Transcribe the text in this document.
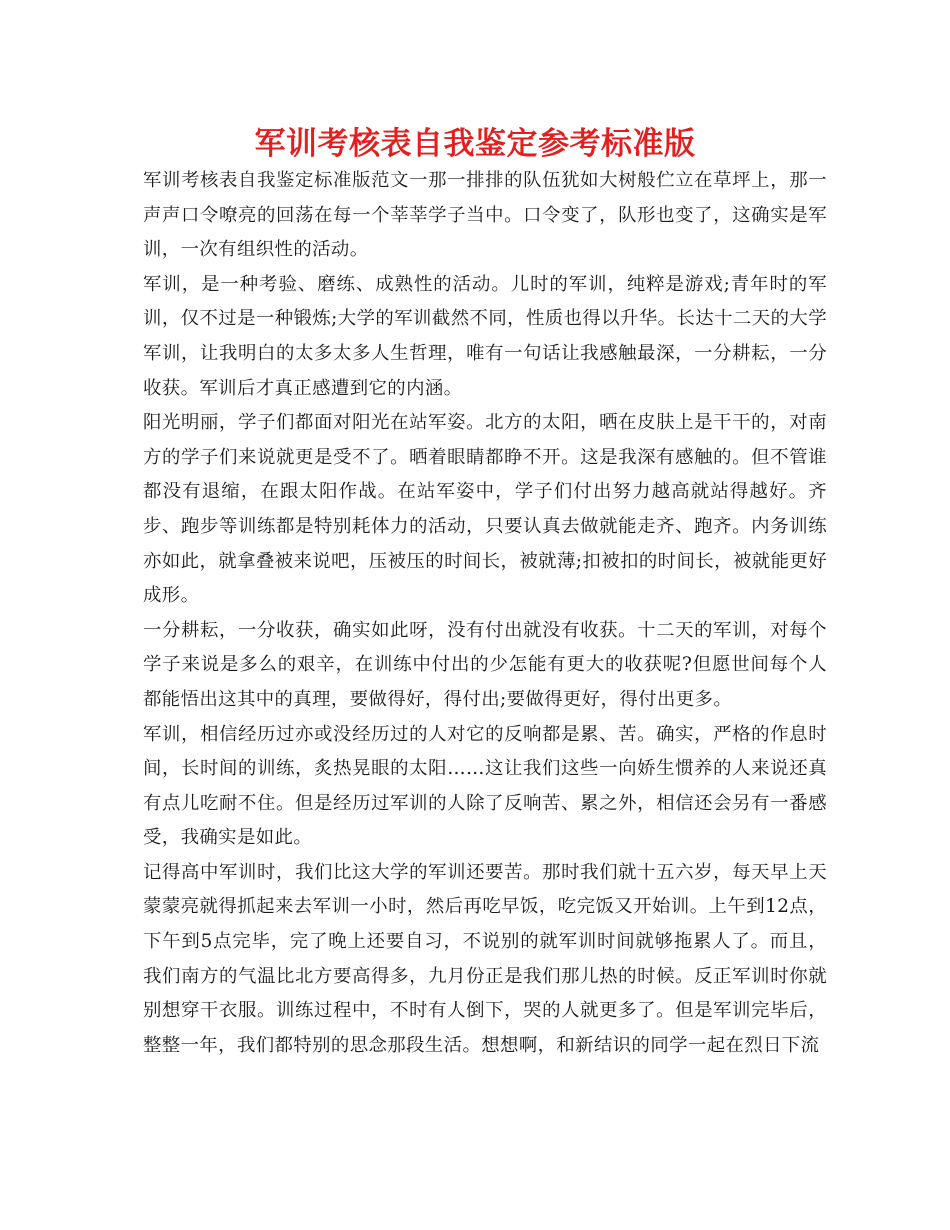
军训考核表自我鉴定参考标准版

军训考核表自我鉴定标准版范文一那一排排的队伍犹如大树般伫立在草坪上，那一声声口令嘹亮的回荡在每一个莘莘学子当中。口令变了，队形也变了，这确实是军训，一次有组织性的活动。

军训，是一种考验、磨练、成熟性的活动。儿时的军训，纯粹是游戏;青年时的军训，仅不过是一种锻炼;大学的军训截然不同，性质也得以升华。长达十二天的大学军训，让我明白的太多太多人生哲理，唯有一句话让我感触最深，一分耕耘，一分收获。军训后才真正感遭到它的内涵。

阳光明丽，学子们都面对阳光在站军姿。北方的太阳，晒在皮肤上是干干的，对南方的学子们来说就更是受不了。晒着眼睛都睁不开。这是我深有感触的。但不管谁都没有退缩，在跟太阳作战。在站军姿中，学子们付出努力越高就站得越好。齐步、跑步等训练都是特别耗体力的活动，只要认真去做就能走齐、跑齐。内务训练亦如此，就拿叠被来说吧，压被压的时间长，被就薄;扣被扣的时间长，被就能更好成形。

一分耕耘，一分收获，确实如此呀，没有付出就没有收获。十二天的军训，对每个学子来说是多么的艰辛，在训练中付出的少怎能有更大的收获呢?但愿世间每个人都能悟出这其中的真理，要做得好，得付出;要做得更好，得付出更多。

军训，相信经历过亦或没经历过的人对它的反响都是累、苦。确实，严格的作息时间，长时间的训练，炙热晃眼的太阳……这让我们这些一向娇生惯养的人来说还真有点儿吃耐不住。但是经历过军训的人除了反响苦、累之外，相信还会另有一番感受，我确实是如此。

记得高中军训时，我们比这大学的军训还要苦。那时我们就十五六岁，每天早上天蒙蒙亮就得抓起来去军训一小时，然后再吃早饭，吃完饭又开始训。上午到12点，下午到5点完毕，完了晚上还要自习，不说别的就军训时间就够拖累人了。而且，我们南方的气温比北方要高得多，九月份正是我们那儿热的时候。反正军训时你就别想穿干衣服。训练过程中，不时有人倒下，哭的人就更多了。但是军训完毕后，整整一年，我们都特别的思念那段生活。想想啊，和新结识的同学一起在烈日下流
